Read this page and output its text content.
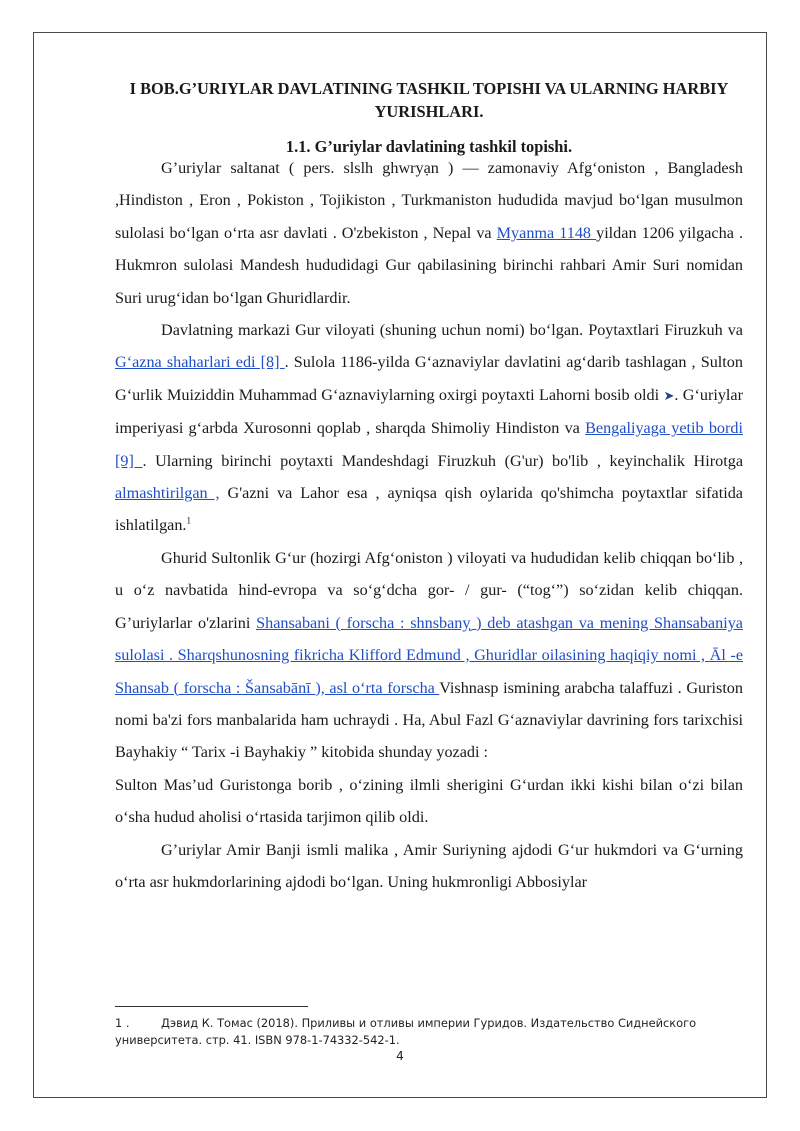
I BOB.G’URIYLAR DAVLATINING TASHKIL TOPISHI VA ULARNING HARBIY YURISHLARI.
1.1. G’uriylar davlatining tashkil topishi.

G’uriylar saltanat ( pers. slslh ghwryạn ) — zamonaviy Afg‘oniston , Bangladesh ,Hindiston , Eron , Pokiston , Tojikiston , Turkmaniston hududida mavjud bo‘lgan musulmon sulolasi bo‘lgan o‘rta asr davlati . O'zbekiston , Nepal va Myanma 1148 yildan 1206 yilgacha . Hukmron sulolasi Mandesh hududidagi Gur qabilasining birinchi rahbari Amir Suri nomidan Suri urug‘idan bo‘lgan Ghuridlardir.

Davlatning markazi Gur viloyati (shuning uchun nomi) bo‘lgan. Poytaxtlari Firuzkuh va G‘azna shaharlari edi [8] . Sulola 1186-yilda G‘aznaviylar davlatini ag‘darib tashlagan , Sulton G‘urlik Muiziddin Muhammad G‘aznaviylarning oxirgi poytaxti Lahorni bosib oldi ➤. G‘uriylar imperiyasi g‘arbda Xurosonni qoplab , sharqda Shimoliy Hindiston va Bengaliyaga yetib bordi [9] . Ularning birinchi poytaxti Mandeshdagi Firuzkuh (G'ur) bo'lib , keyinchalik Hirotga almashtirilgan , G'azni va Lahor esa , ayniqsa qish oylarida qo'shimcha poytaxtlar sifatida ishlatilgan.$^1$

Ghurid Sultonlik G‘ur (hozirgi Afg‘oniston ) viloyati va hududidan kelib chiqqan bo‘lib , u o‘z navbatida hind-evropa va so‘g‘dcha gor- / gur- (“tog‘”) so‘zidan kelib chiqqan. G’uriylarlar o'zlarini Shansabani ( forscha : shnsbany̨ ) deb atashgan va mening Shansabaniya sulolasi . Sharqshunosning fikricha Klifford Edmund , Ghuridlar oilasining haqiqiy nomi , Āl -e Shansab ( forscha : Šansabānī ), asl o‘rta forscha Vishnasp ismining arabcha talaffuzi . Guriston nomi ba'zi fors manbalarida ham uchraydi . Ha, Abul Fazl G‘aznaviylar davrining fors tarixchisi Bayhakiy “ Tarix -i Bayhakiy ” kitobida shunday yozadi :

Sulton Mas’ud Guristonga borib , o‘zining ilmli sherigini G‘urdan ikki kishi bilan o‘zi bilan o‘sha hudud aholisi o‘rtasida tarjimon qilib oldi.

G’uriylar Amir Banji ismli malika , Amir Suriyning ajdodi G‘ur hukmdori va G‘urning o‘rta asr hukmdorlarining ajdodi bo‘lgan. Uning hukmronligi Abbosiylar

1 .	Дэвид К. Томас (2018). Приливы и отливы империи Гуридов. Издательство Сиднейского университета. стр. 41. ISBN 978-1-74332-542-1.
4
